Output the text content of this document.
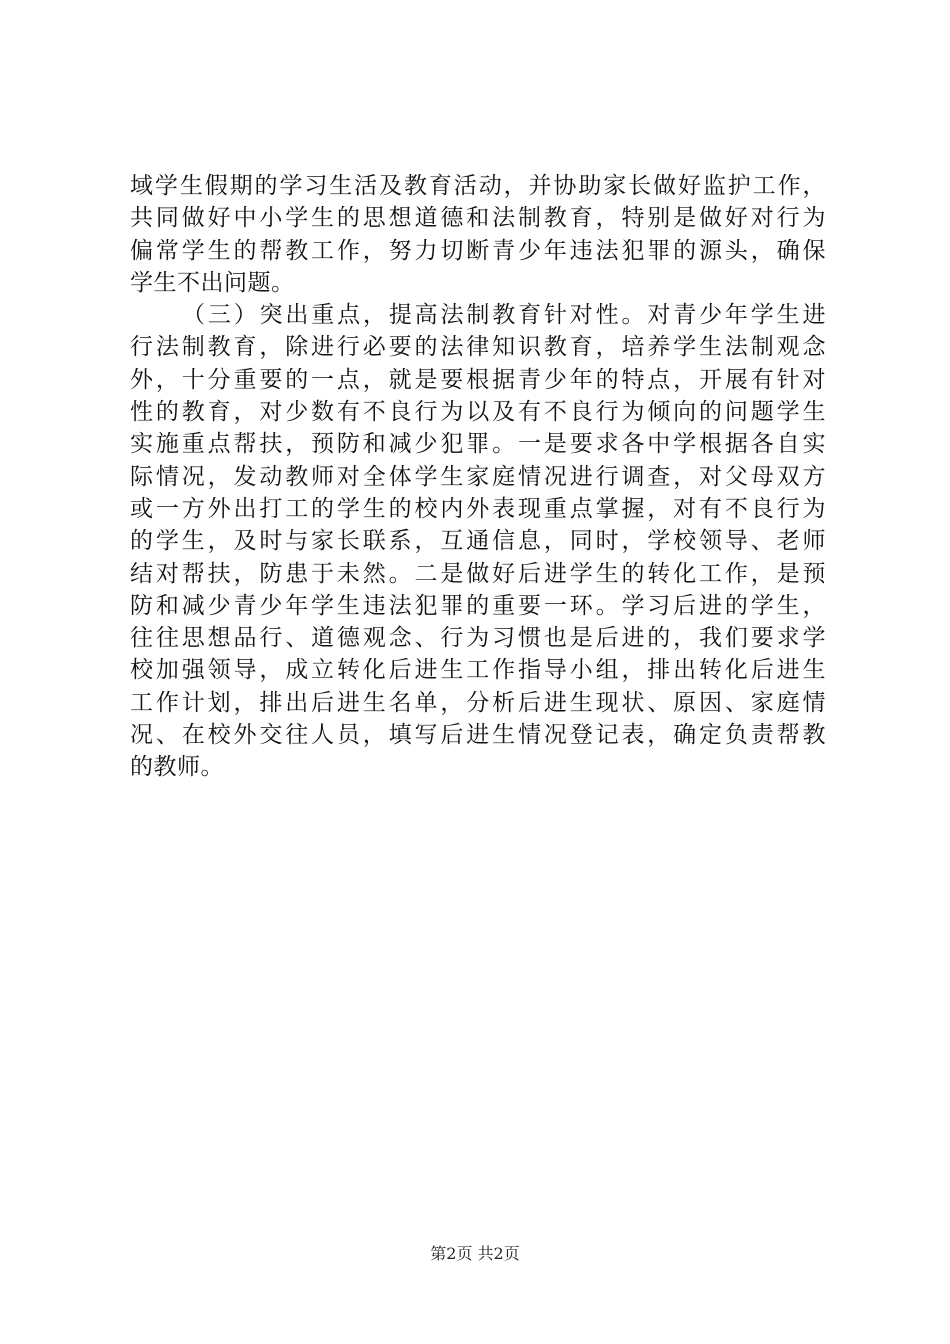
域学生假期的学习生活及教育活动，并协助家长做好监护工作，
共同做好中小学生的思想道德和法制教育，特别是做好对行为
偏常学生的帮教工作，努力切断青少年违法犯罪的源头，确保
学生不出问题。
（三）突出重点，提高法制教育针对性。对青少年学生进
行法制教育，除进行必要的法律知识教育，培养学生法制观念
外，十分重要的一点，就是要根据青少年的特点，开展有针对
性的教育，对少数有不良行为以及有不良行为倾向的问题学生
实施重点帮扶，预防和减少犯罪。一是要求各中学根据各自实
际情况，发动教师对全体学生家庭情况进行调查，对父母双方
或一方外出打工的学生的校内外表现重点掌握，对有不良行为
的学生，及时与家长联系，互通信息，同时，学校领导、老师
结对帮扶，防患于未然。二是做好后进学生的转化工作，是预
防和减少青少年学生违法犯罪的重要一环。学习后进的学生，
往往思想品行、道德观念、行为习惯也是后进的，我们要求学
校加强领导，成立转化后进生工作指导小组，排出转化后进生
工作计划，排出后进生名单，分析后进生现状、原因、家庭情
况、在校外交往人员，填写后进生情况登记表，确定负责帮教
的教师。
第2页 共2页
